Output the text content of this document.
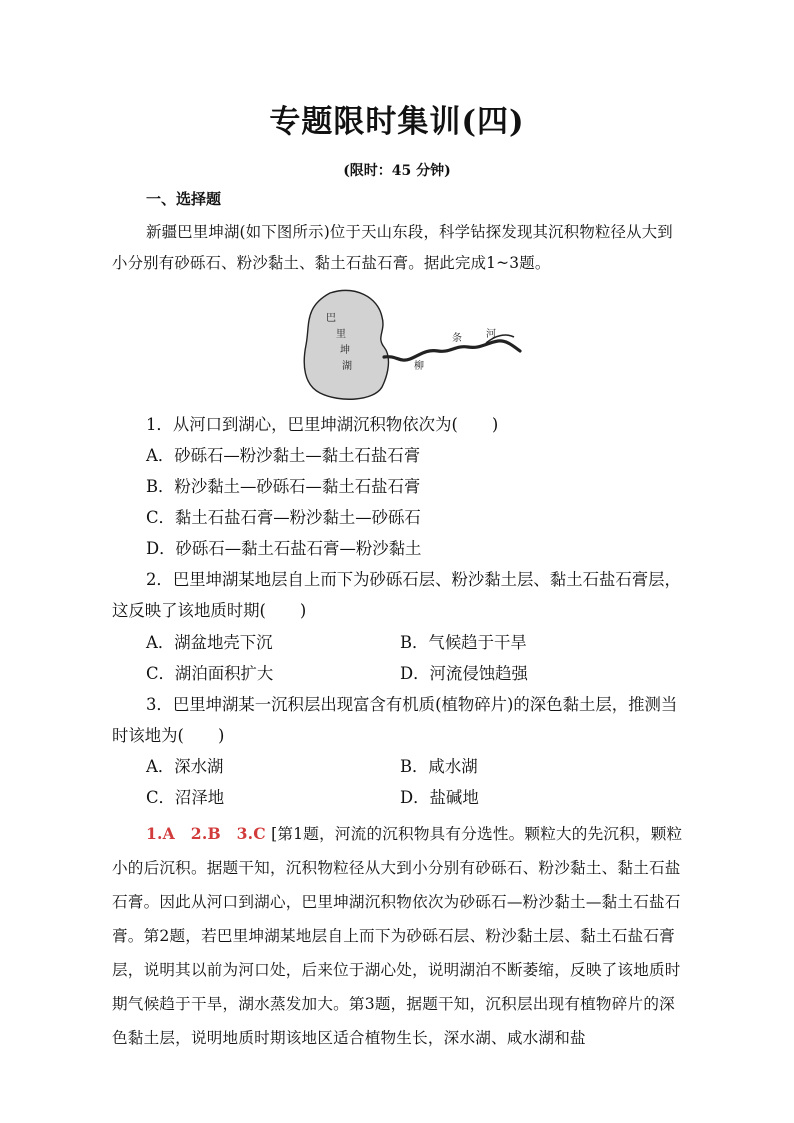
专题限时集训(四)
(限时：45 分钟)
一、选择题
新疆巴里坤湖(如下图所示)位于天山东段，科学钻探发现其沉积物粒径从大到小分别有砂砾石、粉沙黏土、黏土石盐石膏。据此完成1~3题。
巴
里
坤
湖	柳
条 河
1．从河口到湖心，巴里坤湖沉积物依次为( )
A．砂砾石—粉沙黏土—黏土石盐石膏
B．粉沙黏土—砂砾石—黏土石盐石膏
C．黏土石盐石膏—粉沙黏土—砂砾石
D．砂砾石—黏土石盐石膏—粉沙黏土
2．巴里坤湖某地层自上而下为砂砾石层、粉沙黏土层、黏土石盐石膏层，这反映了该地质时期( )
A．湖盆地壳下沉	B．气候趋于干旱
C．湖泊面积扩大	D．河流侵蚀趋强
3．巴里坤湖某一沉积层出现富含有机质(植物碎片)的深色黏土层，推测当时该地为( )
A．深水湖	B．咸水湖
C．沼泽地	D．盐碱地
1.A　2.B　3.C [第1题，河流的沉积物具有分选性。颗粒大的先沉积，颗粒小的后沉积。据题干知，沉积物粒径从大到小分别有砂砾石、粉沙黏土、黏土石盐石膏。因此从河口到湖心，巴里坤湖沉积物依次为砂砾石—粉沙黏土—黏土石盐石膏。第2题，若巴里坤湖某地层自上而下为砂砾石层、粉沙黏土层、黏土石盐石膏层，说明其以前为河口处，后来位于湖心处，说明湖泊不断萎缩，反映了该地质时期气候趋于干旱，湖水蒸发加大。第3题，据题干知，沉积层出现有植物碎片的深色黏土层，说明地质时期该地区适合植物生长，深水湖、咸水湖和盐
